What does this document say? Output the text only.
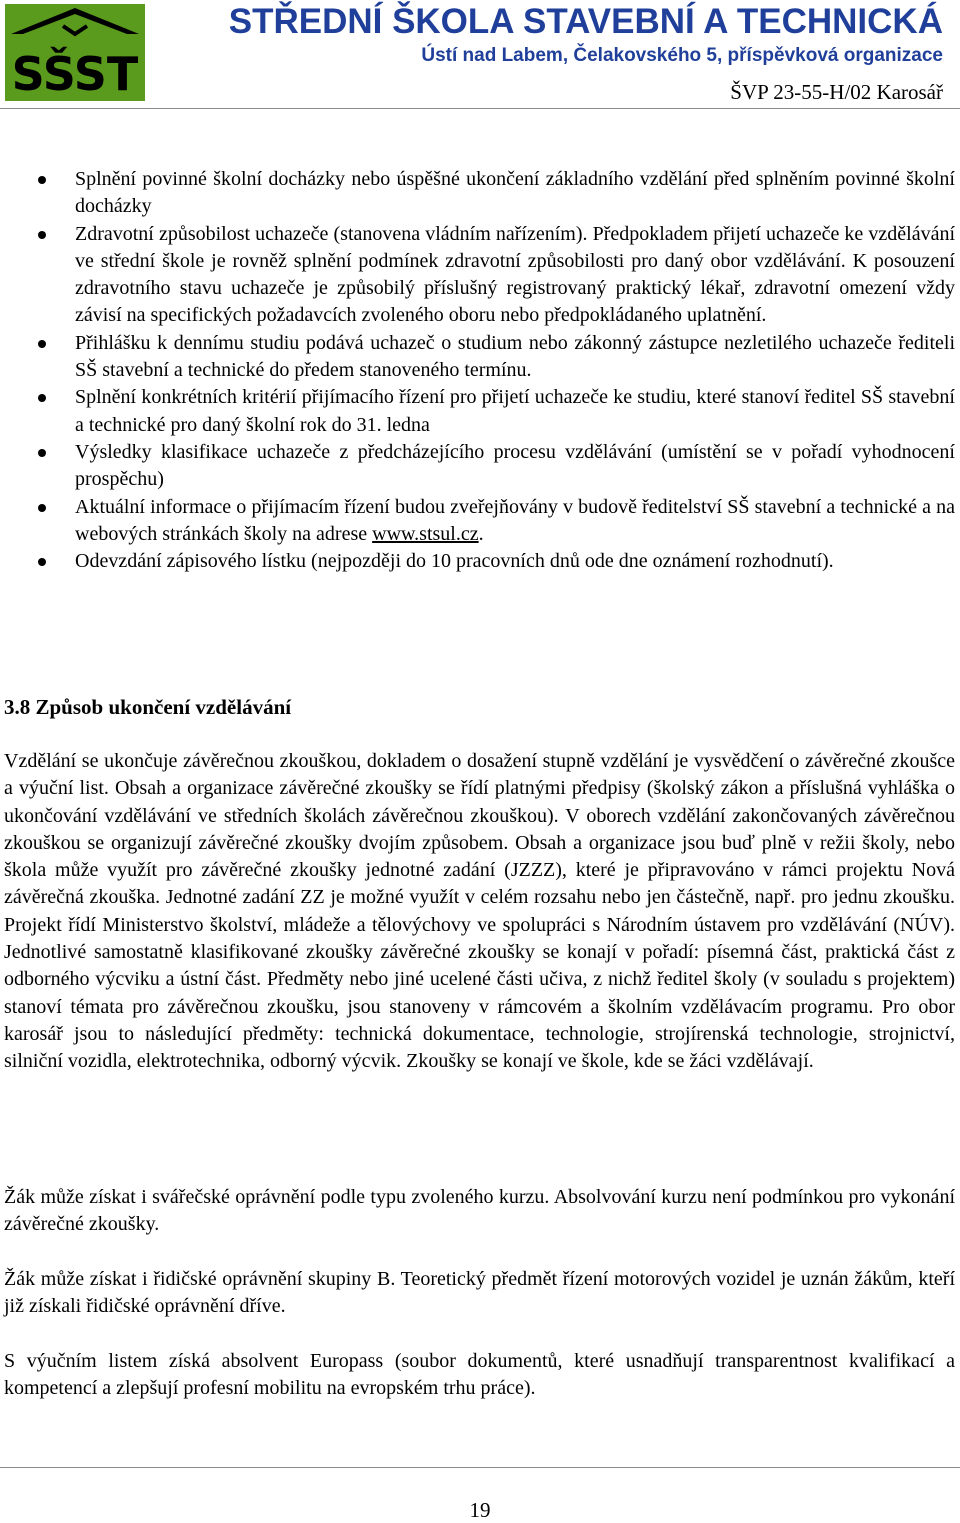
SŠST
STŘEDNÍ ŠKOLA STAVEBNÍ A TECHNICKÁ
Ústí nad Labem, Čelakovského 5, příspěvková organizace
ŠVP 23-55-H/02 Karosář
Splnění povinné školní docházky nebo úspěšné ukončení základního vzdělání před splněním povinné školní docházky
Zdravotní způsobilost uchazeče (stanovena vládním nařízením). Předpokladem přijetí uchazeče ke vzdělávání ve střední škole je rovněž splnění podmínek zdravotní způsobilosti pro daný obor vzdělávání. K posouzení zdravotního stavu uchazeče je způsobilý příslušný registrovaný praktický lékař, zdravotní omezení vždy závisí na specifických požadavcích zvoleného oboru nebo předpokládaného uplatnění.
Přihlášku k dennímu studiu podává uchazeč o studium nebo zákonný zástupce nezletilého uchazeče řediteli SŠ stavební a technické do předem stanoveného termínu.
Splnění konkrétních kritérií přijímacího řízení pro přijetí uchazeče ke studiu, které stanoví ředitel SŠ stavební a technické pro daný školní rok do 31. ledna
Výsledky klasifikace uchazeče z předcházejícího procesu vzdělávání (umístění se v pořadí vyhodnocení prospěchu)
Aktuální informace o přijímacím řízení budou zveřejňovány v budově ředitelství SŠ stavební a technické a na webových stránkách školy na adrese www.stsul.cz.
Odevzdání zápisového lístku (nejpozději do 10 pracovních dnů ode dne oznámení rozhodnutí).
3.8 Způsob ukončení vzdělávání

Vzdělání se ukončuje závěrečnou zkouškou, dokladem o dosažení stupně vzdělání je vysvědčení o závěrečné zkoušce a výuční list. Obsah a organizace závěrečné zkoušky se řídí platnými předpisy (školský zákon a příslušná vyhláška o ukončování vzdělávání ve středních školách závěrečnou zkouškou). V oborech vzdělání zakončovaných závěrečnou zkouškou se organizují závěrečné zkoušky dvojím způsobem. Obsah a organizace jsou buď plně v režii školy, nebo škola může využít pro závěrečné zkoušky jednotné zadání (JZZZ), které je připravováno v rámci projektu Nová závěrečná zkouška. Jednotné zadání ZZ je možné využít v celém rozsahu nebo jen částečně, např. pro jednu zkoušku. Projekt řídí Ministerstvo školství, mládeže a tělovýchovy ve spolupráci s Národním ústavem pro vzdělávání (NÚV). Jednotlivé samostatně klasifikované zkoušky závěrečné zkoušky se konají v pořadí: písemná část, praktická část z odborného výcviku a ústní část. Předměty nebo jiné ucelené části učiva, z nichž ředitel školy (v souladu s projektem) stanoví témata pro závěrečnou zkoušku, jsou stanoveny v rámcovém a školním vzdělávacím programu. Pro obor karosář jsou to následující předměty: technická dokumentace, technologie, strojírenská technologie, strojnictví, silniční vozidla, elektrotechnika, odborný výcvik. Zkoušky se konají ve škole, kde se žáci vzdělávají.

Žák může získat i svářečské oprávnění podle typu zvoleného kurzu. Absolvování kurzu není podmínkou pro vykonání závěrečné zkoušky.

Žák může získat i řidičské oprávnění skupiny B. Teoretický předmět řízení motorových vozidel je uznán žákům, kteří již získali řidičské oprávnění dříve.

S výučním listem získá absolvent Europass (soubor dokumentů, které usnadňují transparentnost kvalifikací a kompetencí a zlepšují profesní mobilitu na evropském trhu práce).

19
